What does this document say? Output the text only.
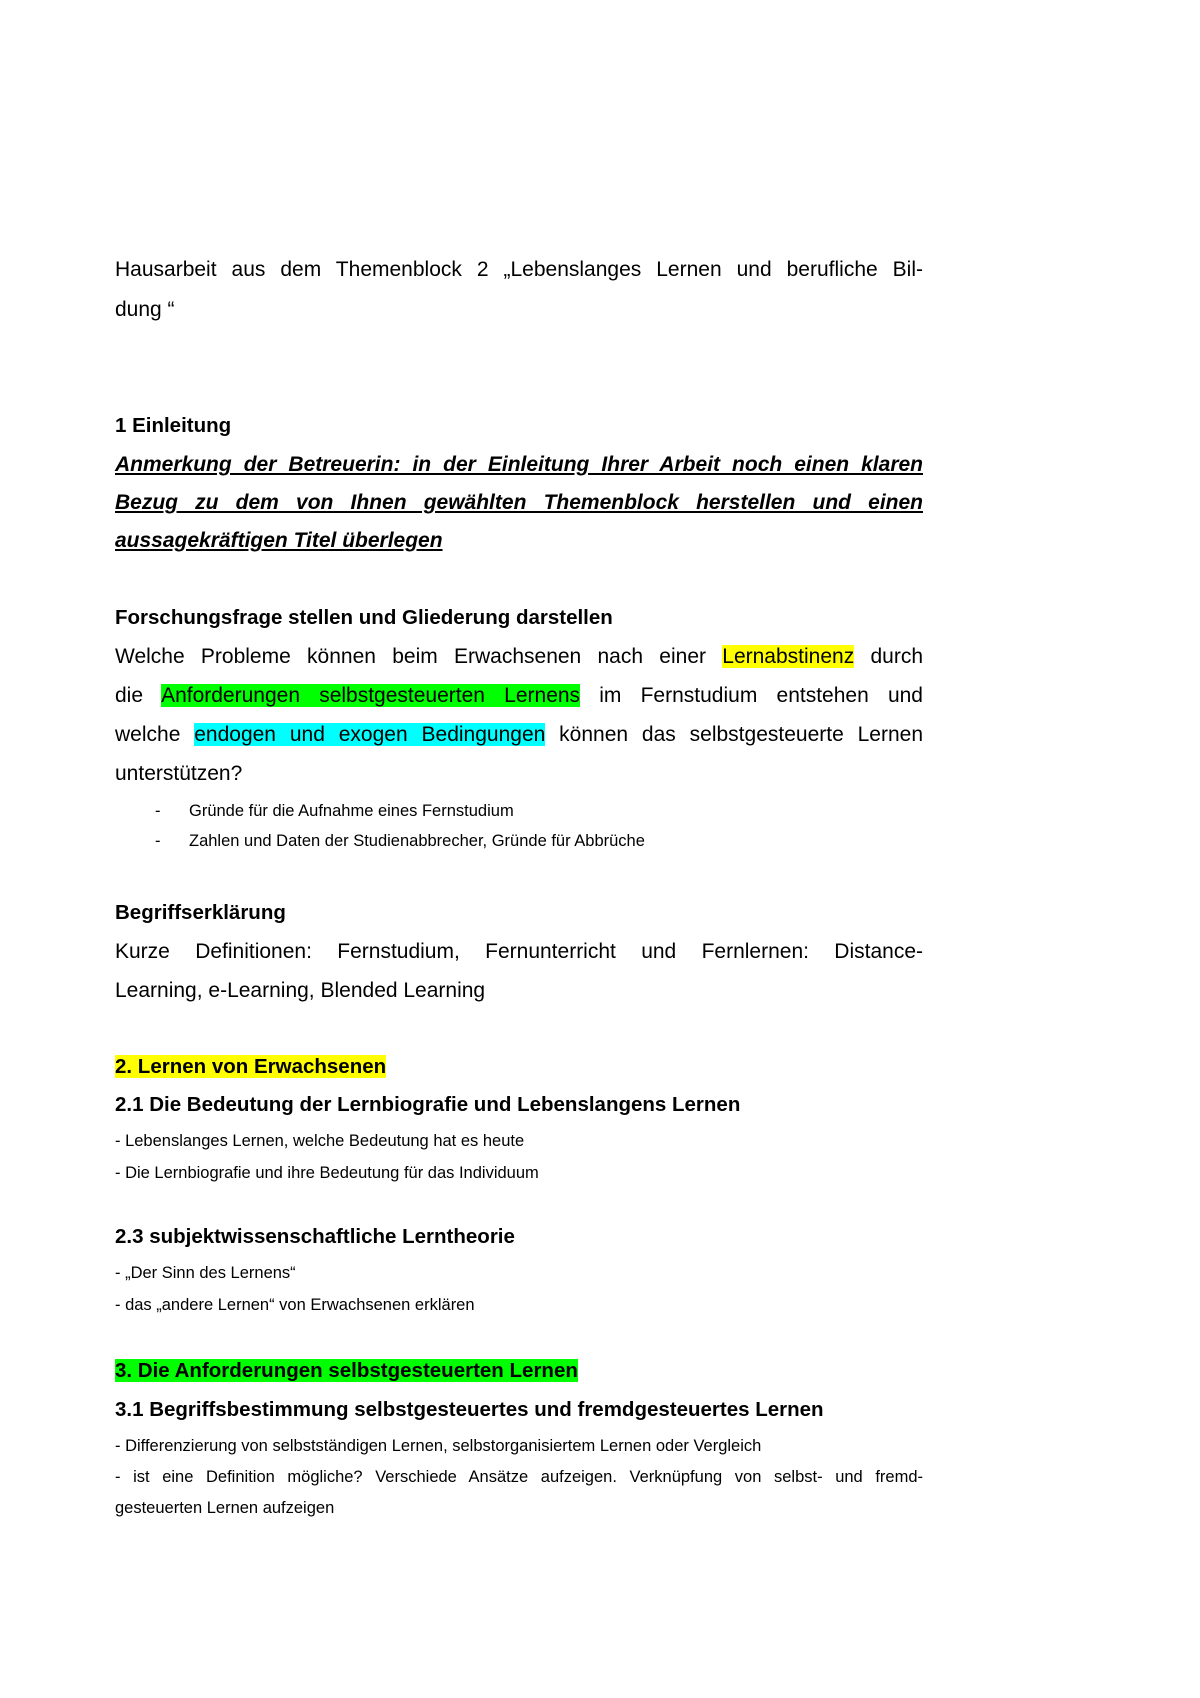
Hausarbeit aus dem Themenblock 2 „Lebenslanges Lernen und berufliche Bil-
dung “
1 Einleitung
Anmerkung der Betreuerin: in der Einleitung Ihrer Arbeit noch einen klaren
Bezug zu dem von Ihnen gewählten Themenblock herstellen und einen
aussagekräftigen Titel überlegen
Forschungsfrage stellen und Gliederung darstellen
Welche Probleme können beim Erwachsenen nach einer Lernabstinenz durch
die Anforderungen selbstgesteuerten Lernens im Fernstudium entstehen und
welche endogen und exogen Bedingungen können das selbstgesteuerte Lernen
unterstützen?
- Gründe für die Aufnahme eines Fernstudium
- Zahlen und Daten der Studienabbrecher, Gründe für Abbrüche
Begriffserklärung
Kurze Definitionen: Fernstudium, Fernunterricht und Fernlernen: Distance-
Learning, e-Learning, Blended Learning
2. Lernen von Erwachsenen
2.1 Die Bedeutung der Lernbiografie und Lebenslangens Lernen
- Lebenslanges Lernen, welche Bedeutung hat es heute
- Die Lernbiografie und ihre Bedeutung für das Individuum
2.3 subjektwissenschaftliche Lerntheorie
- „Der Sinn des Lernens“
- das „andere Lernen“ von Erwachsenen erklären
3. Die Anforderungen selbstgesteuerten Lernen
3.1 Begriffsbestimmung selbstgesteuertes und fremdgesteuertes Lernen
- Differenzierung von selbstständigen Lernen, selbstorganisiertem Lernen oder Vergleich
- ist eine Definition mögliche? Verschiede Ansätze aufzeigen. Verknüpfung von selbst- und fremd-
gesteuerten Lernen aufzeigen
